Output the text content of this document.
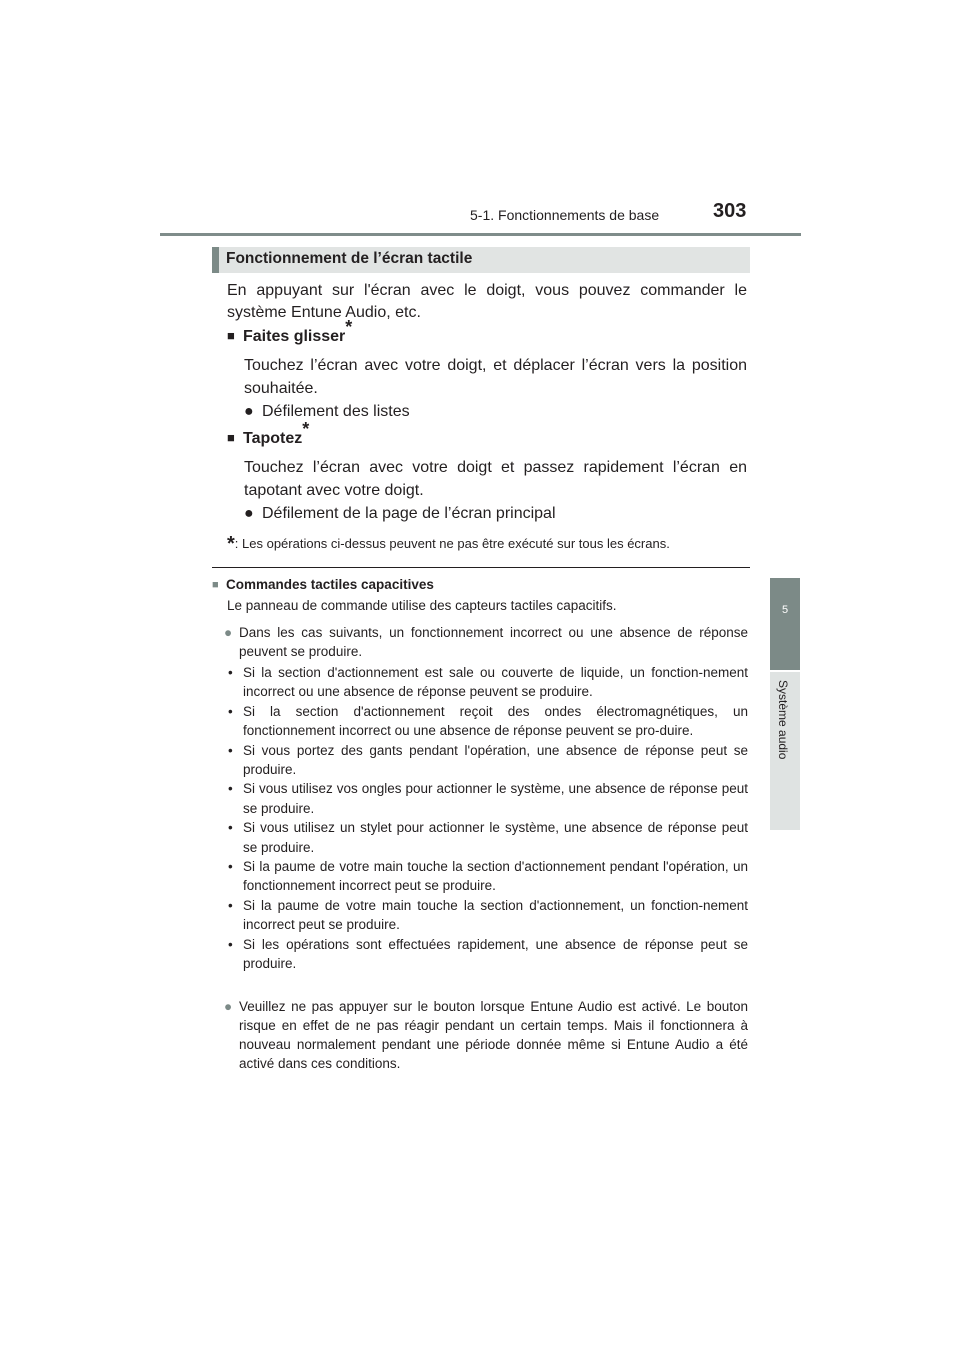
5-1. Fonctionnements de base	303
5
Système audio
Fonctionnement de l’écran tactile

En appuyant sur l'écran avec le doigt, vous pouvez commander le système Entune Audio, etc.

■ Faites glisser*
Touchez l’écran avec votre doigt, et déplacer l’écran vers la position souhaitée.
● Défilement des listes
■ Tapotez*
Touchez l’écran avec votre doigt et passez rapidement l’écran en tapotant avec votre doigt.
● Défilement de la page de l’écran principal
*: Les opérations ci-dessus peuvent ne pas être exécuté sur tous les écrans.
■ Commandes tactiles capacitives
Le panneau de commande utilise des capteurs tactiles capacitifs.
● Dans les cas suivants, un fonctionnement incorrect ou une absence de réponse peuvent se produire.
• Si la section d'actionnement est sale ou couverte de liquide, un fonction-nement incorrect ou une absence de réponse peuvent se produire.
• Si la section d'actionnement reçoit des ondes électromagnétiques, un fonctionnement incorrect ou une absence de réponse peuvent se pro-duire.
• Si vous portez des gants pendant l'opération, une absence de réponse peut se produire.
• Si vous utilisez vos ongles pour actionner le système, une absence de réponse peut se produire.
• Si vous utilisez un stylet pour actionner le système, une absence de réponse peut se produire.
• Si la paume de votre main touche la section d'actionnement pendant l'opération, un fonctionnement incorrect peut se produire.
• Si la paume de votre main touche la section d'actionnement, un fonction-nement incorrect peut se produire.
• Si les opérations sont effectuées rapidement, une absence de réponse peut se produire.
● Veuillez ne pas appuyer sur le bouton lorsque Entune Audio est activé. Le bouton risque en effet de ne pas réagir pendant un certain temps. Mais il fonctionnera à nouveau normalement pendant une période donnée même si Entune Audio a été activé dans ces conditions.
